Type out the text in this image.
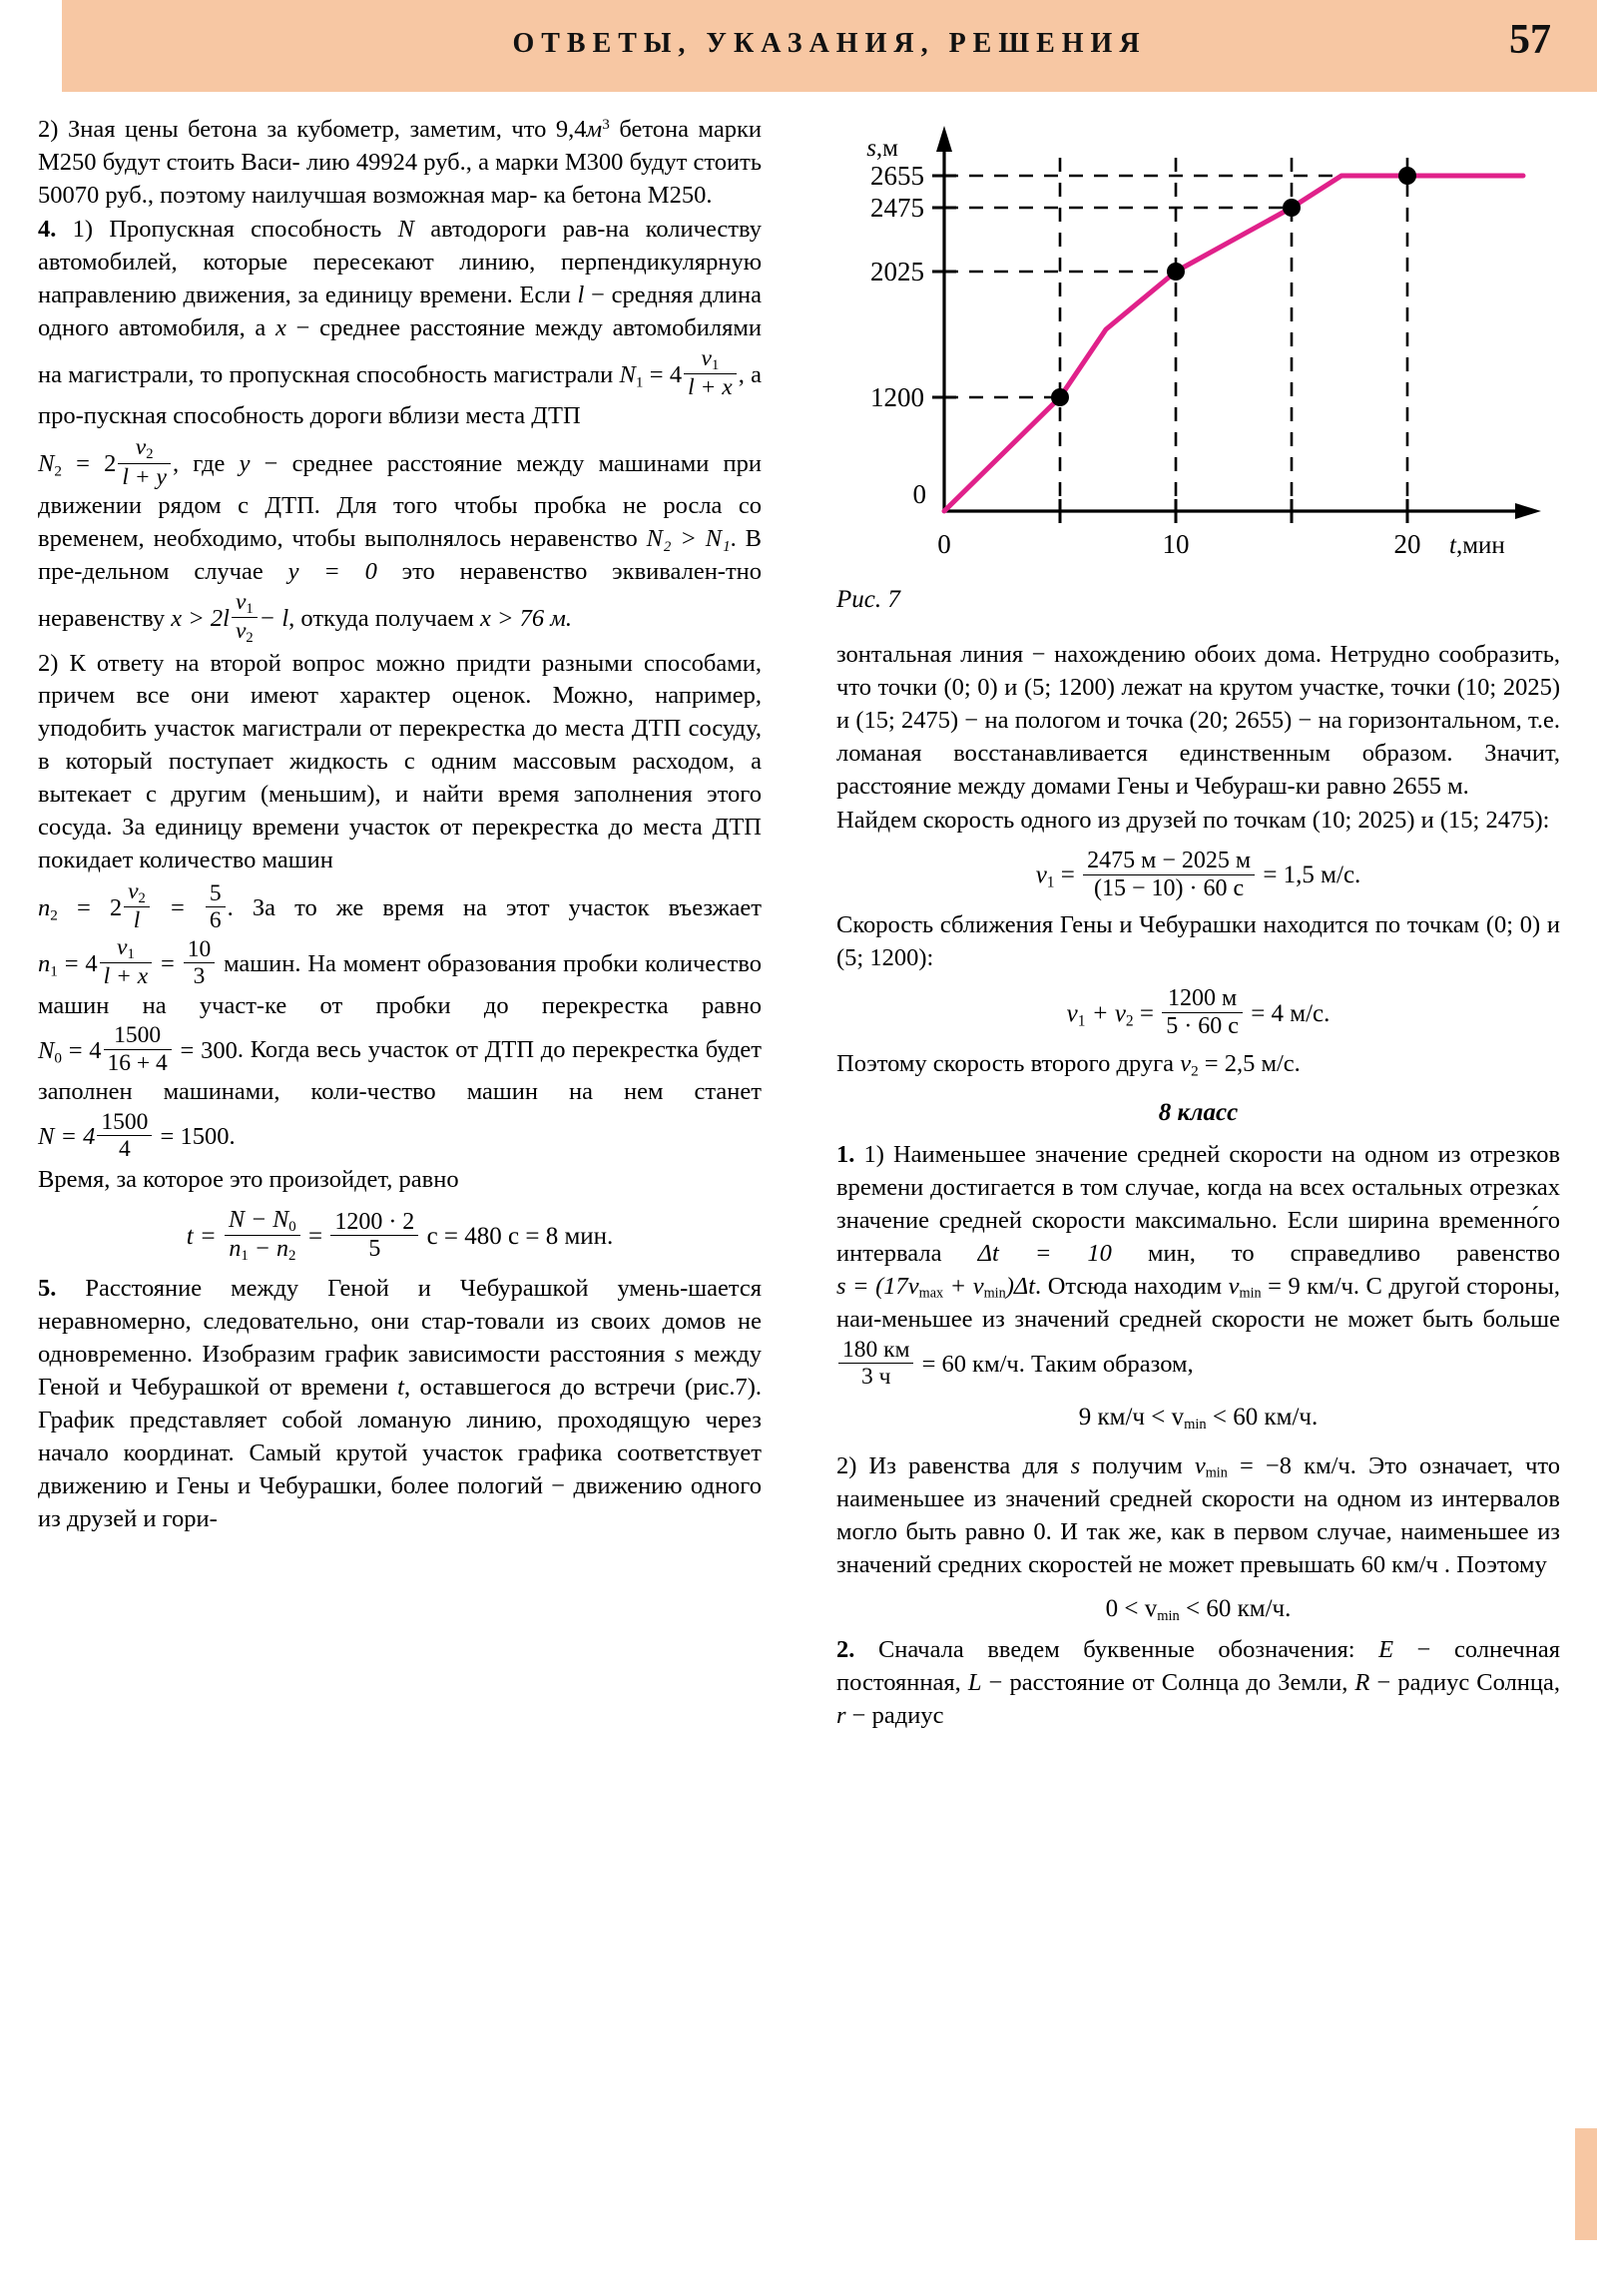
ОТВЕТЫ, УКАЗАНИЯ, РЕШЕНИЯ	57

2) Зная цены бетона за кубометр, заметим, что $9,4м^3$ бетона марки М250 будут стоить Васи- лию 49924 руб., а марки М300 будут стоить 50070 руб., поэтому наилучшая возможная мар- ка бетона М250.

4. 1) Пропускная способность N автодороги рав-на количеству автомобилей, которые пересекают линию, перпендикулярную направлению движения, за единицу времени. Если l − средняя длина одного автомобиля, а x − среднее расстояние между автомобилями на магистрали, то пропускная способность магистрали $N_1 = 4 \frac{v_1}{l + x}$ , а про-пускная способность дороги вблизи места ДТП

$N_2 = 2 \frac{v_2}{l + y}$ , где y − среднее расстояние между машинами при движении рядом с ДТП. Для того чтобы пробка не росла со временем, необходимо, чтобы выполнялось неравенство N₂ > N₁. В пре-дельном случае y = 0 это неравенство эквивален-тно неравенству $x > 2l \frac{v_1}{v_2} - l$, откуда получаем x > 76 м.

2) К ответу на второй вопрос можно придти разными способами, причем все они имеют характер оценок. Можно, например, уподобить участок магистрали от перекрестка до места ДТП сосуду, в который поступает жидкость с одним массовым расходом, а вытекает с другим (меньшим), и найти время заполнения этого сосуда. За единицу времени участок от перекрестка до места ДТП покидает количество машин

$n_2 = 2 \frac{v_2}{l} = \frac{5}{6}$ . За то же время на этот участок въезжает $n_1 = 4 \frac{v_1}{l + x} = \frac{10}{3}$ машин. На момент образования пробки количество машин на участ-ке от пробки до перекрестка равно $N_0 = 4 \frac{1500}{16 + 4} = 300$. Когда весь участок от ДТП до перекрестка будет заполнен машинами, коли-чество машин на нем станет $N = 4 \frac{1500}{4} = 1500$.

Время, за которое это произойдет, равно

$t = \frac{N - N_0}{n_1 - n_2} = \frac{1200 \cdot 2}{5}$ с = 480 с = 8 мин.

5. Расстояние между Геной и Чебурашкой умень-шается неравномерно, следовательно, они стар-товали из своих домов не одновременно. Изобразим график зависимости расстояния s между Геной и Чебурашкой от времени t, оставшегося до встречи (рис.7). График представляет собой ломаную линию, проходящую через начало координат. Самый крутой участок графика соответствует движению и Гены и Чебурашки, более пологий − движению одного из друзей и гори-

s,м
2655
2475
2025
1200
0
0	10	20 t,мин
Рис. 7

зонтальная линия − нахождению обоих дома. Нетрудно сообразить, что точки (0; 0) и (5; 1200) лежат на крутом участке, точки (10; 2025) и (15; 2475) − на пологом и точка (20; 2655) − на горизонтальном, т.е. ломаная восстанавливается единственным образом. Значит, расстояние между домами Гены и Чебураш-ки равно 2655 м.

Найдем скорость одного из друзей по точкам (10; 2025) и (15; 2475):

$v_1 = \frac{2475 м - 2025 м}{(15 - 10) \cdot 60 с} = 1,5$ м/с.

Скорость сближения Гены и Чебурашки находится по точкам (0; 0) и (5; 1200):

$v_1 + v_2 = \frac{1200 м}{5 \cdot 60 с} = 4$ м/с.

Поэтому скорость второго друга $v_2 = 2,5$ м/с.

8 класс

1. 1) Наименьшее значение средней скорости на одном из отрезков времени достигается в том случае, когда на всех остальных отрезках значение средней скорости максимально. Если ширина временно́го интервала Δt = 10 мин, то справедливо равенство s = (17vmax + vmin)Δt. Отсюда находим vmin = 9 км/ч. С другой стороны, наи-меньшее из значений средней скорости не может быть больше
$\frac{180 км}{3 ч} = 60$ км/ч. Таким образом,

9 км/ч < vmin < 60 км/ч.

2) Из равенства для s получим vmin = −8 км/ч. Это означает, что наименьшее из значений средней скорости на одном из интервалов могло быть равно 0. И так же, как в первом случае, наименьшее из значений средних скоростей не может превышать 60 км/ч . Поэтому

0 < vmin < 60 км/ч.

2. Сначала введем буквенные обозначения: E − солнечная постоянная, L − расстояние от Солнца до Земли, R − радиус Солнца, r − радиус
